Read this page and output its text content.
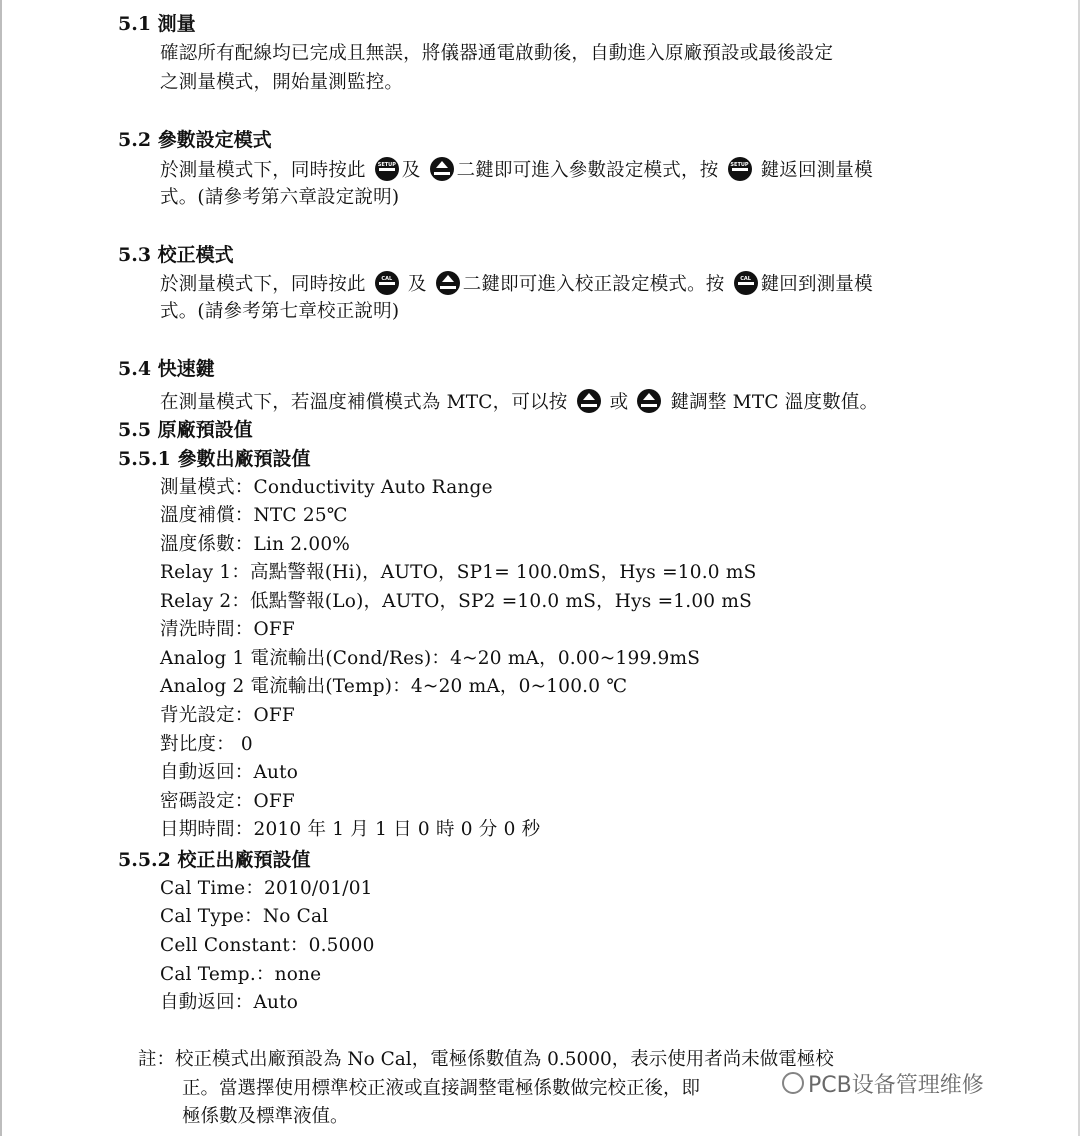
5.1 測量
確認所有配線均已完成且無誤，將儀器通電啟動後，自動進入原廠預設或最後設定
之測量模式，開始量測監控。
5.2 參數設定模式
於測量模式下，同時按此	SETUP 及 二鍵即可進入參數設定模式，按	SETUP 鍵返回測量模
式。(請參考第六章設定說明)
5.3 校正模式
於測量模式下，同時按此	CAL 及 二鍵即可進入校正設定模式。按	CAL 鍵回到測量模
式。(請參考第七章校正說明)
5.4 快速鍵
在測量模式下，若溫度補償模式為 MTC，可以按 或 鍵調整 MTC 溫度數值。
5.5 原廠預設值
5.5.1 參數出廠預設值
測量模式：Conductivity Auto Range
溫度補償：NTC 25℃
溫度係數：Lin 2.00%
Relay 1：高點警報(Hi)，AUTO，SP1= 100.0mS，Hys =10.0 mS
Relay 2：低點警報(Lo)，AUTO，SP2 =10.0 mS，Hys =1.00 mS
清洗時間：OFF
Analog 1 電流輸出(Cond/Res)：4~20 mA，0.00~199.9mS
Analog 2 電流輸出(Temp)：4~20 mA，0~100.0 ℃
背光設定：OFF
對比度： 0
自動返回：Auto
密碼設定：OFF
日期時間：2010 年 1 月 1 日 0 時 0 分 0 秒
5.5.2 校正出廠預設值
Cal Time：2010/01/01
Cal Type：No Cal
Cell Constant：0.5000
Cal Temp.：none
自動返回：Auto
註：校正模式出廠預設為 No Cal，電極係數值為 0.5000，表示使用者尚未做電極校
正。當選擇使用標準校正液或直接調整電極係數做完校正後，即
極係數及標準液值。
PCB设备管理维修
